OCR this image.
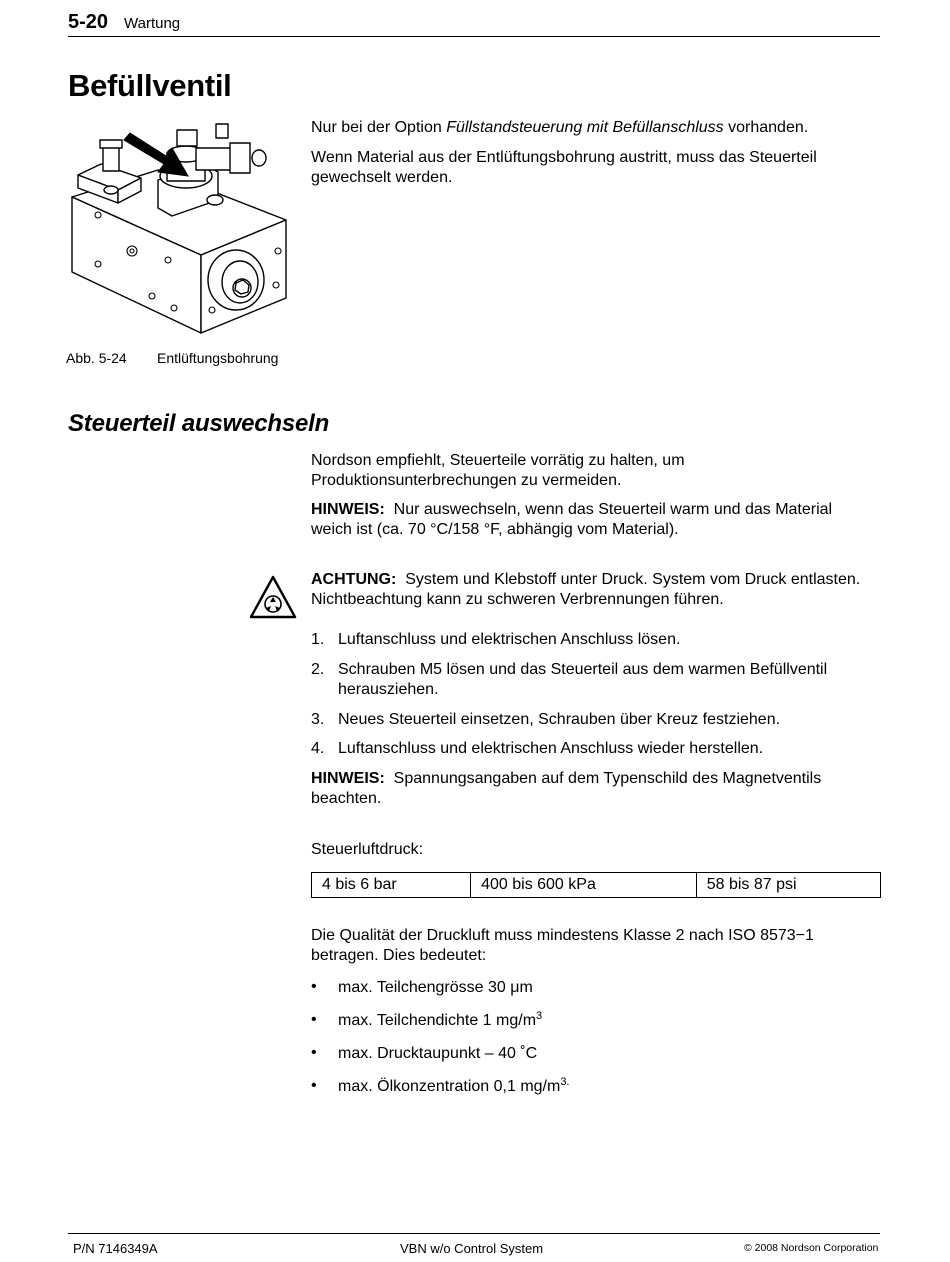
5-20 Wartung
Befüllventil
Abb. 5-24 Entlüftungsbohrung
Nur bei der Option Füllstandsteuerung mit Befüllanschluss vorhanden.
Wenn Material aus der Entlüftungsbohrung austritt, muss das Steuerteil gewechselt werden.
Steuerteil auswechseln
Nordson empfiehlt, Steuerteile vorrätig zu halten, um Produktionsunterbrechungen zu vermeiden.
HINWEIS: Nur auswechseln, wenn das Steuerteil warm und das Material weich ist (ca. 70 °C/158 °F, abhängig vom Material).
ACHTUNG: System und Klebstoff unter Druck. System vom Druck entlasten. Nichtbeachtung kann zu schweren Verbrennungen führen.
1. Luftanschluss und elektrischen Anschluss lösen.
2. Schrauben M5 lösen und das Steuerteil aus dem warmen Befüllventil herausziehen.
3. Neues Steuerteil einsetzen, Schrauben über Kreuz festziehen.
4. Luftanschluss und elektrischen Anschluss wieder herstellen.
HINWEIS: Spannungsangaben auf dem Typenschild des Magnetventils beachten.
Steuerluftdruck:
4 bis 6 bar	400 bis 600 kPa	58 bis 87 psi
Die Qualität der Druckluft muss mindestens Klasse 2 nach ISO 8573−1 betragen. Dies bedeutet:
• max. Teilchengrösse 30 μm
• max. Teilchendichte 1 $mg/m^3$
• max. Drucktaupunkt – 40 ˚C
• max. Ölkonzentration 0,1 $mg/m^{3.}$
P/N 7146349A	VBN w/o Control System	© 2008 Nordson Corporation
